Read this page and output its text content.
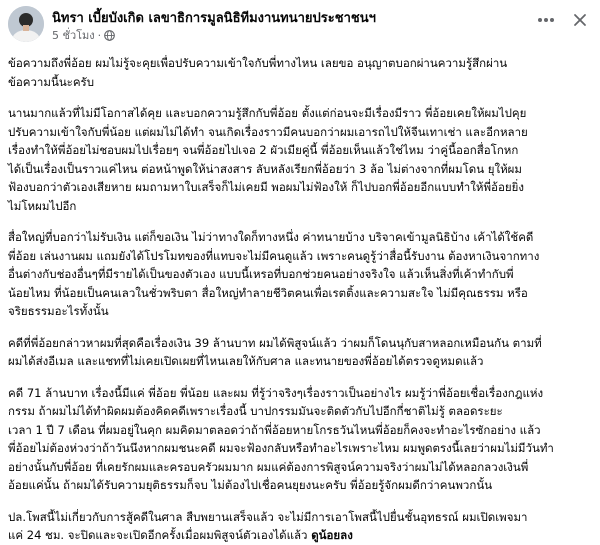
นิทรา เบี้ยบังเกิด เลขาธิการมูลนิธิทีมงานทนายประชาชนฯ
5 ชั่วโมง ·

ข้อความถึงพี่อ้อย ผมไม่รู้จะคุยเพื่อปรับความเข้าใจกับพี่ทางไหน เลยขอ อนุญาตบอกผ่านความรู้สึกผ่าน
ข้อความนี้นะครับ

นานมากแล้วที่ไม่มีโอกาสได้คุย และบอกความรู้สึกกับพี่อ้อย ตั้งแต่ก่อนจะมีเรื่องมีราว พี่อ้อยเคยให้ผมไปคุย
ปรับความเข้าใจกับพี่น้อย แต่ผมไม่ได้ทำ จนเกิดเรื่องราวมีคนบอกว่าผมเอารถไปให้จีนเทาเช่า และอีกหลาย
เรื่องทำให้พี่อ้อยไม่ชอบผมไปเรื่อยๆ จนพี่อ้อยไปเจอ 2 ผัวเมียคู่นี้ พี่อ้อยเห็นแล้วใช่ไหม ว่าคู่นี้ออกสื่อโกหก
ได้เป็นเรื่องเป็นราวแค่ไหน ต่อหน้าพูดให้น่าสงสาร ลับหลังเรียกพี่อ้อยว่า 3 ล้อ ไม่ต่างจากที่ผมโดน ยุให้ผม
ฟ้องบอกว่าตัวเองเสียหาย ผมถามหาใบเสร็จก็ไม่เคยมี พอผมไม่ฟ้องให้ ก็ไปบอกพี่อ้อยอีกแบบทำให้พี่อ้อยยิ่ง
ไม่โหผมไปอีก

สื่อใหญ่ที่บอกว่าไม่รับเงิน แต่ก็ขอเงิน ไม่ว่าทางใดก็ทางหนึ่ง ค่าทนายบ้าง บริจาคเข้ามูลนิธิบ้าง เค้าได้ใช้คดี
พี่อ้อย เล่นงานผม แถมยังได้โปรโมทของที่แทบจะไม่มีคนดูแล้ว เพราะคนดูรู้ว่าสื่อนี้รับงาน ต้องหาเงินจากทาง
อื่นต่างกับช่องอื่นๆที่มีรายได้เป็นของตัวเอง แบบนี้เหรอที่บอกช่วยคนอย่างจริงใจ แล้วเห็นสิ่งที่เค้าทำกับพี่
น้อยไหม ที่น้อยเป็นคนเลวในชั่วพริบตา สื่อใหญ่ทำลายชีวิตคนเพื่อเรตติ้งและความสะใจ ไม่มีคุณธรรม หรือ
จริยธรรมอะไรทั้งนั้น

คดีที่พี่อ้อยกล่าวหาผมที่สุดคือเรื่องเงิน 39 ล้านบาท ผมได้พิสูจน์แล้ว ว่าผมก็โดนนุกับสาหลอกเหมือนกัน ตามที่
ผมได้ส่งอีเมล และแชทที่ไม่เคยเปิดเผยที่ไหนเลยให้กับศาล และทนายของพี่อ้อยได้ตรวจดูหมดแล้ว

คดี 71 ล้านบาท เรื่องนี้มีแค่ พี่อ้อย พี่น้อย และผม ที่รู้ว่าจริงๆเรื่องราวเป็นอย่างไร ผมรู้ว่าพี่อ้อยเชื่อเรื่องกฎแห่ง
กรรม ถ้าผมไม่ได้ทำผิดผมต้องคิดคดีเพราะเรื่องนี้ บาปกรรมมันจะติดตัวกับไปอีกกี่ชาติไม่รู้ ตลอดระยะ
เวลา 1 ปี 7 เดือน ที่ผมอยู่ในคุก ผมคิดมาตลอดว่าถ้าพี่อ้อยหายโกรธวันไหนพี่อ้อยก็คงจะทำอะไรซักอย่าง แล้ว
พี่อ้อยไม่ต้องห่วงว่าถ้าวันนึงหากผมชนะคดี ผมจะฟ้องกลับหรือทำอะไรเพราะไหม ผมพูดตรงนี้เลยว่าผมไม่มีวันทำ
อย่างนั้นกับพี่อ้อย ที่เคยรักผมและครอบครัวผมมาก ผมแค่ต้องการพิสูจน์ความจริงว่าผมไม่ได้หลอกลวงเงินพี่
อ้อยแค่นั้น ถ้าผมได้รับความยุติธรรมก็จบ ไม่ต้องไปเชื่อคนยุยงนะครับ พี่อ้อยรู้จักผมดีกว่าคนพวกนั้น

ปล.โพสนี้ไม่เกี่ยวกับการสู้คดีในศาล สืบพยานเสร็จแล้ว จะไม่มีการเอาโพสนี้ไปยื่นชั้นอุทธรณ์ ผมเปิดเพจมา
แค่ 24 ชม. จะปิดและจะเปิดอีกครั้งเมื่อผมพิสูจน์ตัวเองได้แล้ว ดูน้อยลง
